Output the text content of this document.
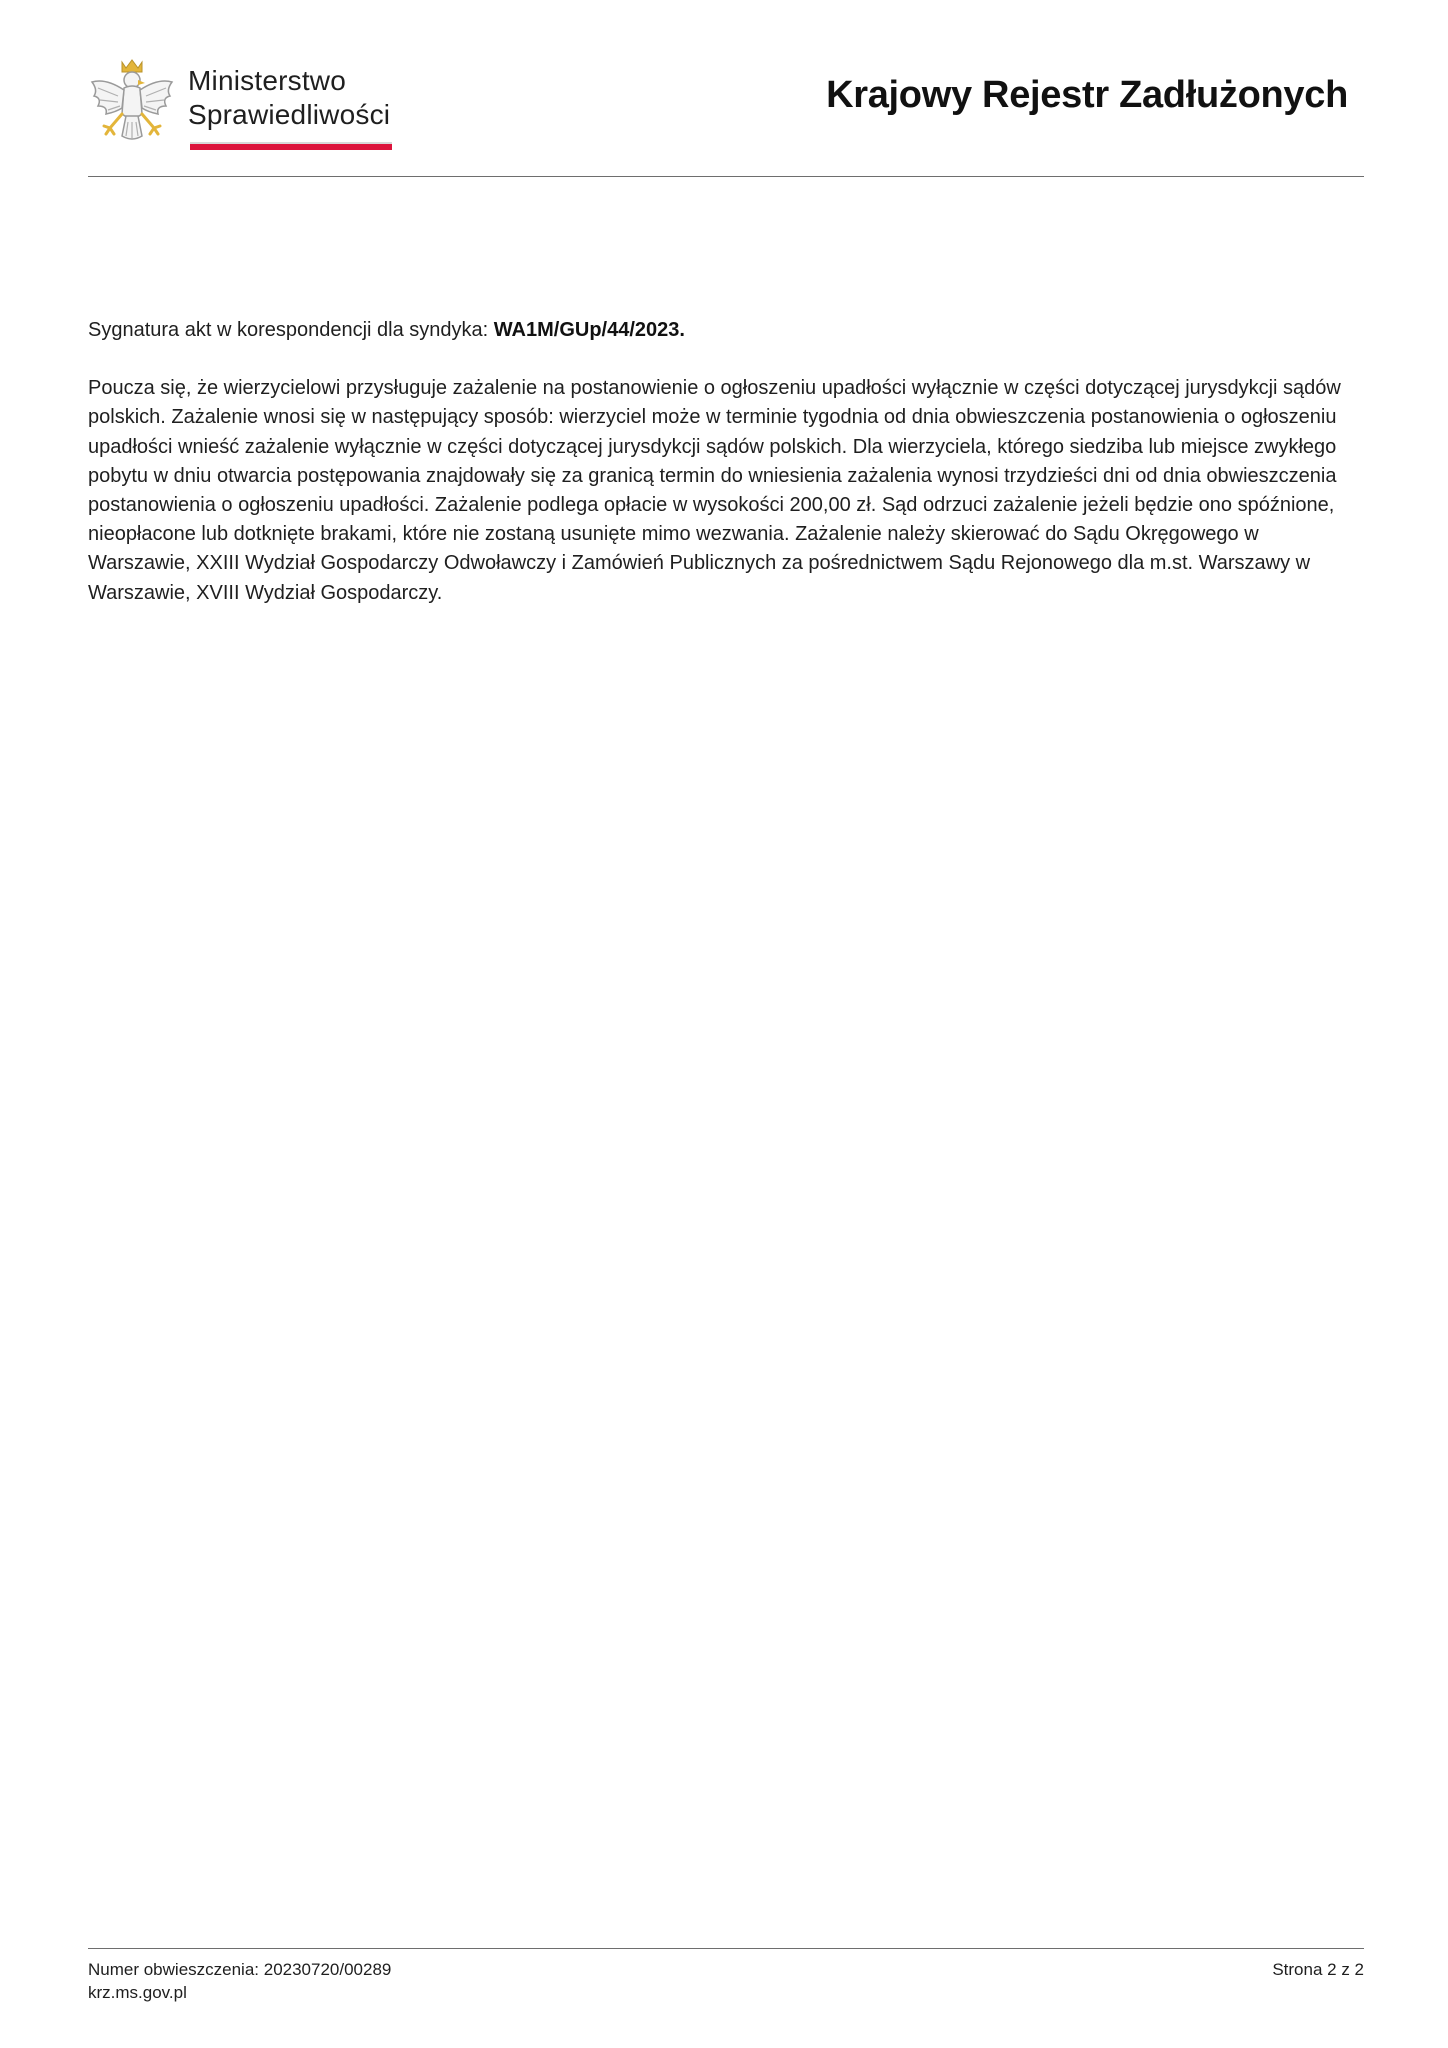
Ministerstwo
Sprawiedliwości	Krajowy Rejestr Zadłużonych

Sygnatura akt w korespondencji dla syndyka: WA1M/GUp/44/2023.

Poucza się, że wierzycielowi przysługuje zażalenie na postanowienie o ogłoszeniu upadłości wyłącznie w części dotyczącej jurysdykcji sądów polskich. Zażalenie wnosi się w następujący sposób: wierzyciel może w terminie tygodnia od dnia obwieszczenia postanowienia o ogłoszeniu upadłości wnieść zażalenie wyłącznie w części dotyczącej jurysdykcji sądów polskich. Dla wierzyciela, którego siedziba lub miejsce zwykłego pobytu w dniu otwarcia postępowania znajdowały się za granicą termin do wniesienia zażalenia wynosi trzydzieści dni od dnia obwieszczenia postanowienia o ogłoszeniu upadłości. Zażalenie podlega opłacie w wysokości 200,00 zł. Sąd odrzuci zażalenie jeżeli będzie ono spóźnione, nieopłacone lub dotknięte brakami, które nie zostaną usunięte mimo wezwania. Zażalenie należy skierować do Sądu Okręgowego w Warszawie, XXIII Wydział Gospodarczy Odwoławczy i Zamówień Publicznych za pośrednictwem Sądu Rejonowego dla m.st. Warszawy w Warszawie, XVIII Wydział Gospodarczy.

Numer obwieszczenia: 20230720/00289
krz.ms.gov.pl
Strona 2 z 2
